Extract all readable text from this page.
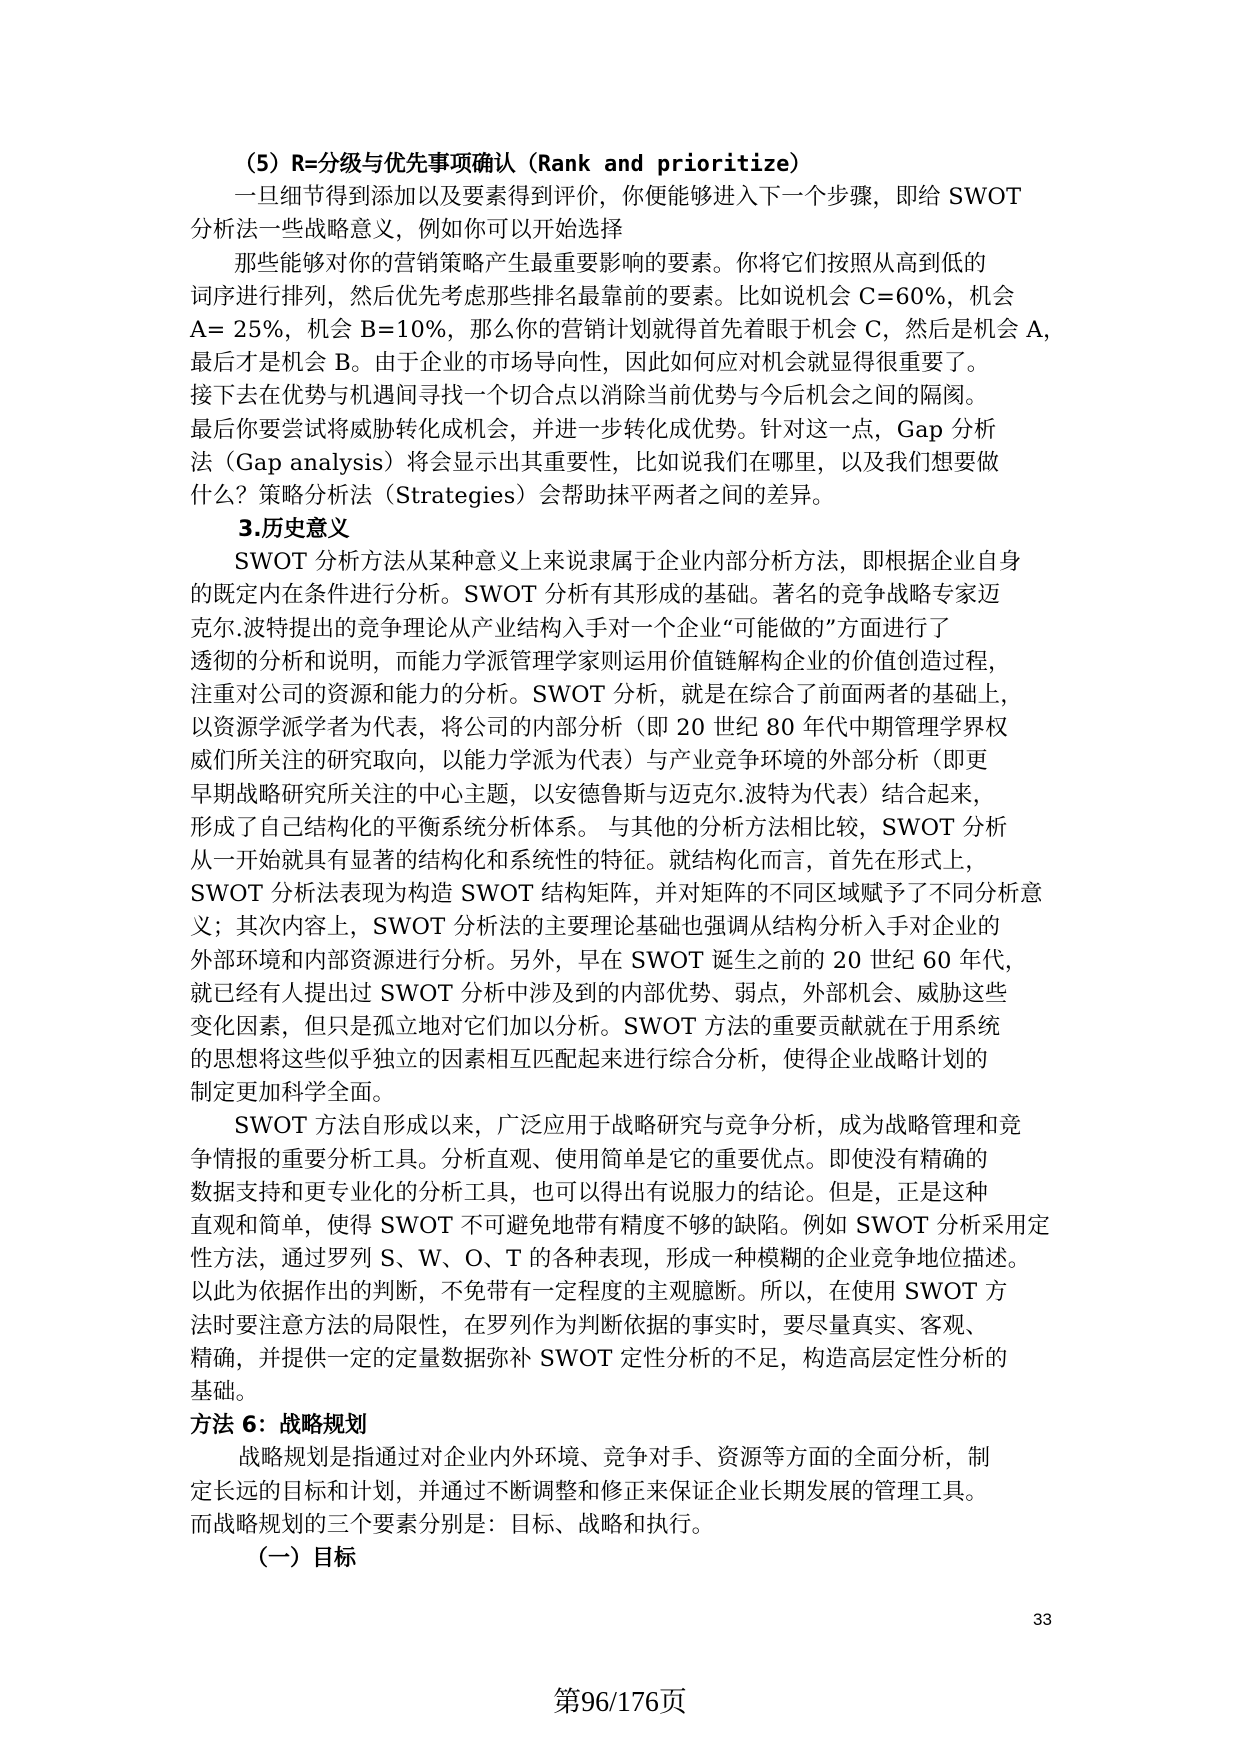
（5）R=分级与优先事项确认（Rank and prioritize）
一旦细节得到添加以及要素得到评价，你便能够进入下一个步骤，即给 SWOT
分析法一些战略意义，例如你可以开始选择
那些能够对你的营销策略产生最重要影响的要素。你将它们按照从高到低的
词序进行排列，然后优先考虑那些排名最靠前的要素。比如说机会 C=60%，机会
A= 25%，机会 B=10%，那么你的营销计划就得首先着眼于机会 C，然后是机会 A，
最后才是机会 B。由于企业的市场导向性，因此如何应对机会就显得很重要了。
接下去在优势与机遇间寻找一个切合点以消除当前优势与今后机会之间的隔阂。
最后你要尝试将威胁转化成机会，并进一步转化成优势。针对这一点，Gap 分析
法（Gap analysis）将会显示出其重要性，比如说我们在哪里，以及我们想要做
什么？策略分析法（Strategies）会帮助抹平两者之间的差异。
3.历史意义
SWOT 分析方法从某种意义上来说隶属于企业内部分析方法，即根据企业自身
的既定内在条件进行分析。SWOT 分析有其形成的基础。著名的竞争战略专家迈
克尔.波特提出的竞争理论从产业结构入手对一个企业“可能做的”方面进行了
透彻的分析和说明，而能力学派管理学家则运用价值链解构企业的价值创造过程，
注重对公司的资源和能力的分析。SWOT 分析，就是在综合了前面两者的基础上，
以资源学派学者为代表，将公司的内部分析（即 20 世纪 80 年代中期管理学界权
威们所关注的研究取向，以能力学派为代表）与产业竞争环境的外部分析（即更
早期战略研究所关注的中心主题，以安德鲁斯与迈克尔.波特为代表）结合起来，
形成了自己结构化的平衡系统分析体系。 与其他的分析方法相比较，SWOT 分析
从一开始就具有显著的结构化和系统性的特征。就结构化而言，首先在形式上，
SWOT 分析法表现为构造 SWOT 结构矩阵，并对矩阵的不同区域赋予了不同分析意
义；其次内容上，SWOT 分析法的主要理论基础也强调从结构分析入手对企业的
外部环境和内部资源进行分析。另外，早在 SWOT 诞生之前的 20 世纪 60 年代，
就已经有人提出过 SWOT 分析中涉及到的内部优势、弱点，外部机会、威胁这些
变化因素，但只是孤立地对它们加以分析。SWOT 方法的重要贡献就在于用系统
的思想将这些似乎独立的因素相互匹配起来进行综合分析，使得企业战略计划的
制定更加科学全面。
SWOT 方法自形成以来，广泛应用于战略研究与竞争分析，成为战略管理和竞
争情报的重要分析工具。分析直观、使用简单是它的重要优点。即使没有精确的
数据支持和更专业化的分析工具，也可以得出有说服力的结论。但是，正是这种
直观和简单，使得 SWOT 不可避免地带有精度不够的缺陷。例如 SWOT 分析采用定
性方法，通过罗列 S、W、O、T 的各种表现，形成一种模糊的企业竞争地位描述。
以此为依据作出的判断，不免带有一定程度的主观臆断。所以，在使用 SWOT 方
法时要注意方法的局限性，在罗列作为判断依据的事实时，要尽量真实、客观、
精确，并提供一定的定量数据弥补 SWOT 定性分析的不足，构造高层定性分析的
基础。
方法 6：战略规划
战略规划是指通过对企业内外环境、竞争对手、资源等方面的全面分析，制
定长远的目标和计划，并通过不断调整和修正来保证企业长期发展的管理工具。
而战略规划的三个要素分别是：目标、战略和执行。
（一）目标
33
第96/176页
